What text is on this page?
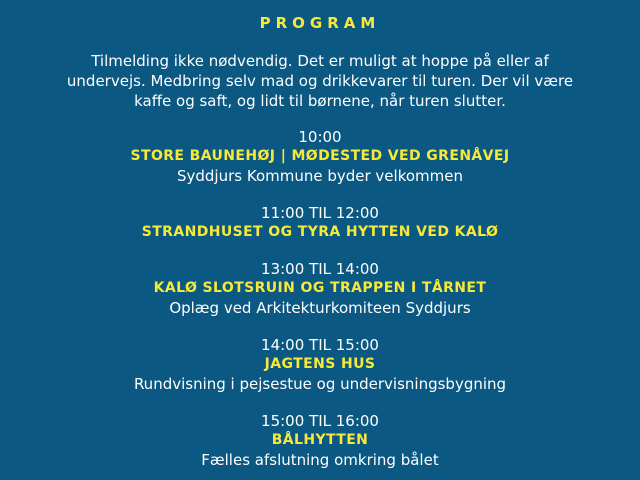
PROGRAM
Tilmelding ikke nødvendig. Det er muligt at hoppe på eller af
undervejs. Medbring selv mad og drikkevarer til turen. Der vil være
kaffe og saft, og lidt til børnene, når turen slutter.
10:00
STORE BAUNEHØJ | MØDESTED VED GRENÅVEJ
Syddjurs Kommune byder velkommen
11:00 TIL 12:00
STRANDHUSET OG TYRA HYTTEN VED KALØ
13:00 TIL 14:00
KALØ SLOTSRUIN OG TRAPPEN I TÅRNET
Oplæg ved Arkitekturkomiteen Syddjurs
14:00 TIL 15:00
JAGTENS HUS
Rundvisning i pejsestue og undervisningsbygning
15:00 TIL 16:00
BÅLHYTTEN
Fælles afslutning omkring bålet
